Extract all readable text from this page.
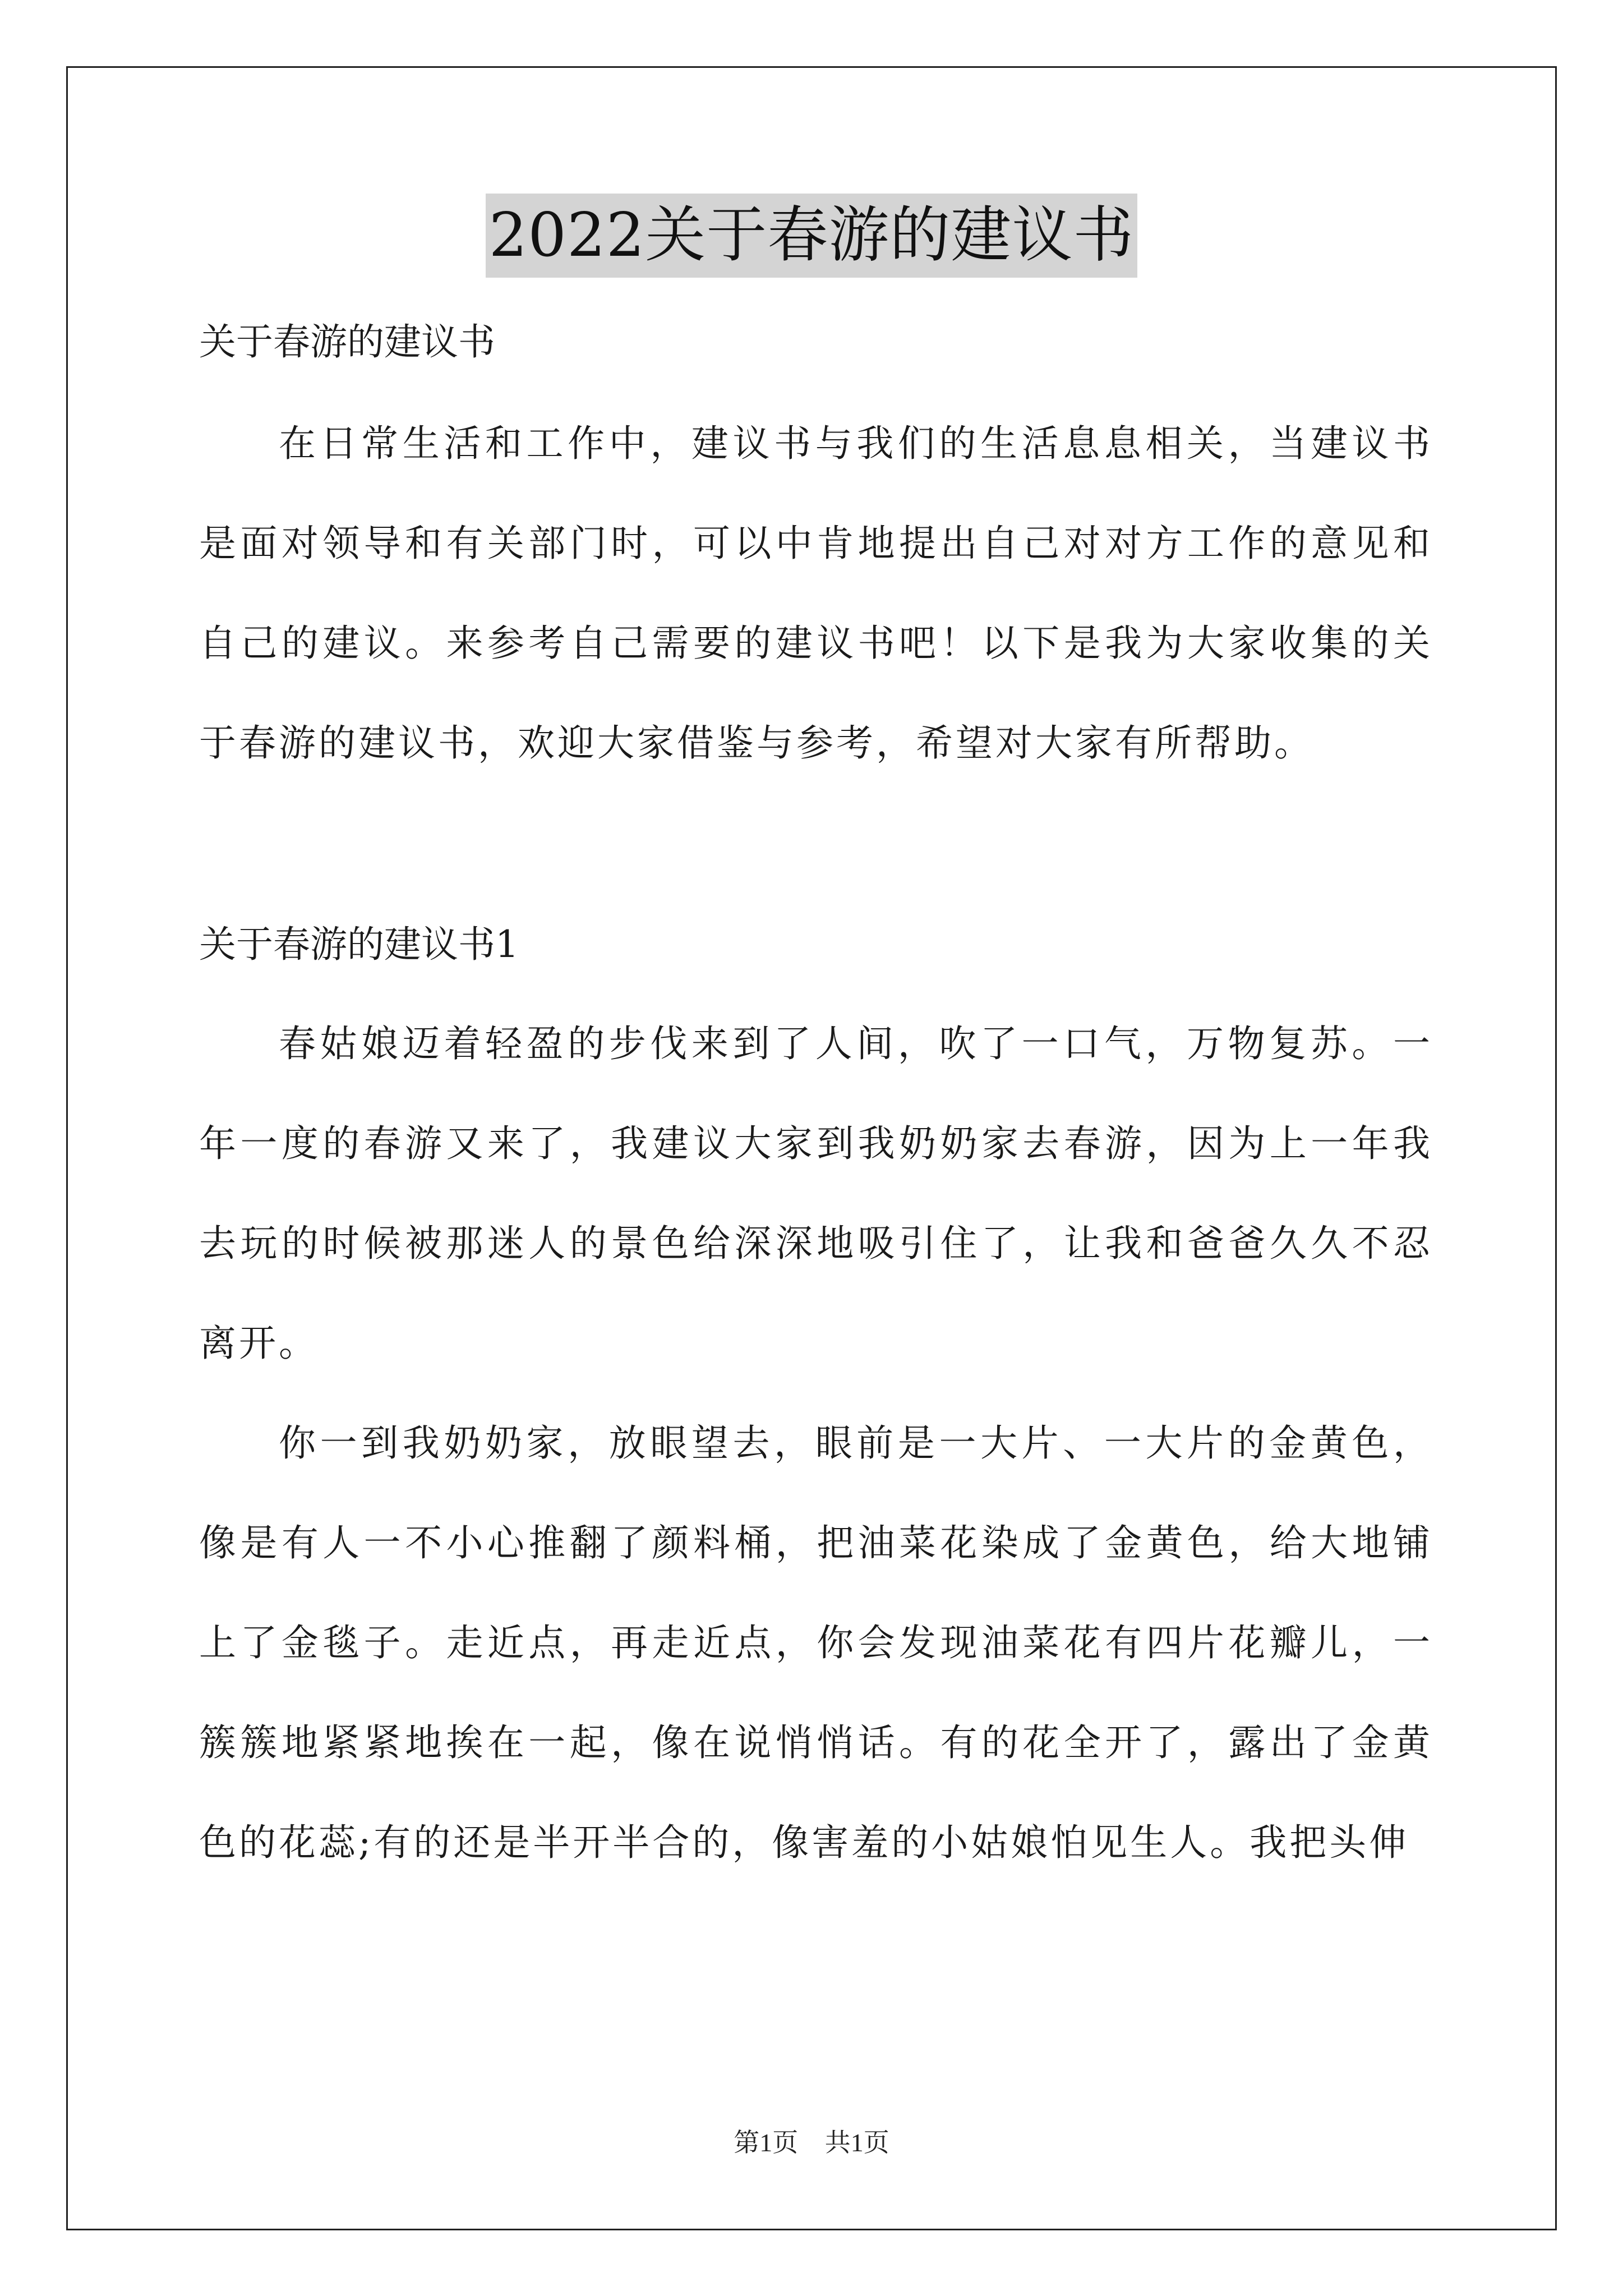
2022关于春游的建议书

关于春游的建议书

在日常生活和工作中，建议书与我们的生活息息相关，当建议书是面对领导和有关部门时，可以中肯地提出自己对对方工作的意见和自己的建议。来参考自己需要的建议书吧！以下是我为大家收集的关于春游的建议书，欢迎大家借鉴与参考，希望对大家有所帮助。

关于春游的建议书1

春姑娘迈着轻盈的步伐来到了人间，吹了一口气，万物复苏。一年一度的春游又来了，我建议大家到我奶奶家去春游，因为上一年我去玩的时候被那迷人的景色给深深地吸引住了，让我和爸爸久久不忍离开。

你一到我奶奶家，放眼望去，眼前是一大片、一大片的金黄色，像是有人一不小心推翻了颜料桶，把油菜花染成了金黄色，给大地铺上了金毯子。走近点，再走近点，你会发现油菜花有四片花瓣儿，一簇簇地紧紧地挨在一起，像在说悄悄话。有的花全开了，露出了金黄色的花蕊;有的还是半开半合的，像害羞的小姑娘怕见生人。我把头伸

第1页 共1页
